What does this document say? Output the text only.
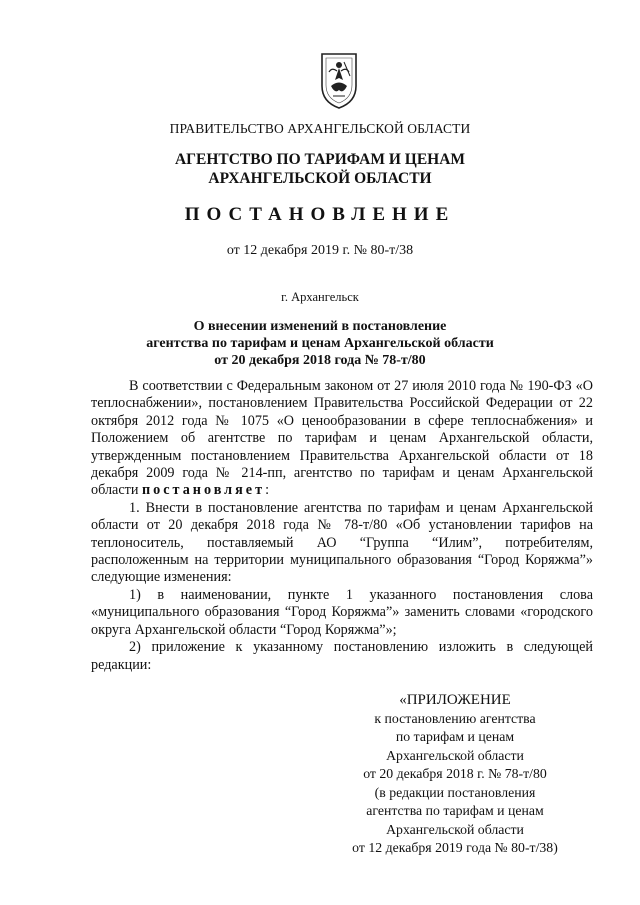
ПРАВИТЕЛЬСТВО АРХАНГЕЛЬСКОЙ ОБЛАСТИ
АГЕНТСТВО ПО ТАРИФАМ И ЦЕНАМ
АРХАНГЕЛЬСКОЙ ОБЛАСТИ
ПОСТАНОВЛЕНИЕ
от 12 декабря 2019 г. № 80-т/38
г. Архангельск
О внесении изменений в постановление
агентства по тарифам и ценам Архангельской области
от 20 декабря 2018 года № 78-т/80

В соответствии с Федеральным законом от 27 июля 2010 года № 190-ФЗ «О теплоснабжении», постановлением Правительства Российской Федерации от 22 октября 2012 года № 1075 «О ценообразовании в сфере теплоснабжения» и Положением об агентстве по тарифам и ценам Архангельской области, утвержденным постановлением Правительства Архангельской области от 18 декабря 2009 года № 214-пп, агентство по тарифам и ценам Архангельской области постановляет:

1. Внести в постановление агентства по тарифам и ценам Архангельской области от 20 декабря 2018 года № 78-т/80 «Об установлении тарифов на теплоноситель, поставляемый АО “Группа “Илим”, потребителям, расположенным на территории муниципального образования “Город Коряжма”» следующие изменения:

1) в наименовании, пункте 1 указанного постановления слова «муниципального образования “Город Коряжма”» заменить словами «городского округа Архангельской области “Город Коряжма”»;

2) приложение к указанному постановлению изложить в следующей редакции:

«ПРИЛОЖЕНИЕ
к постановлению агентства
по тарифам и ценам
Архангельской области
от 20 декабря 2018 г. № 78-т/80
(в редакции постановления
агентства по тарифам и ценам
Архангельской области
от 12 декабря 2019 года № 80-т/38)
